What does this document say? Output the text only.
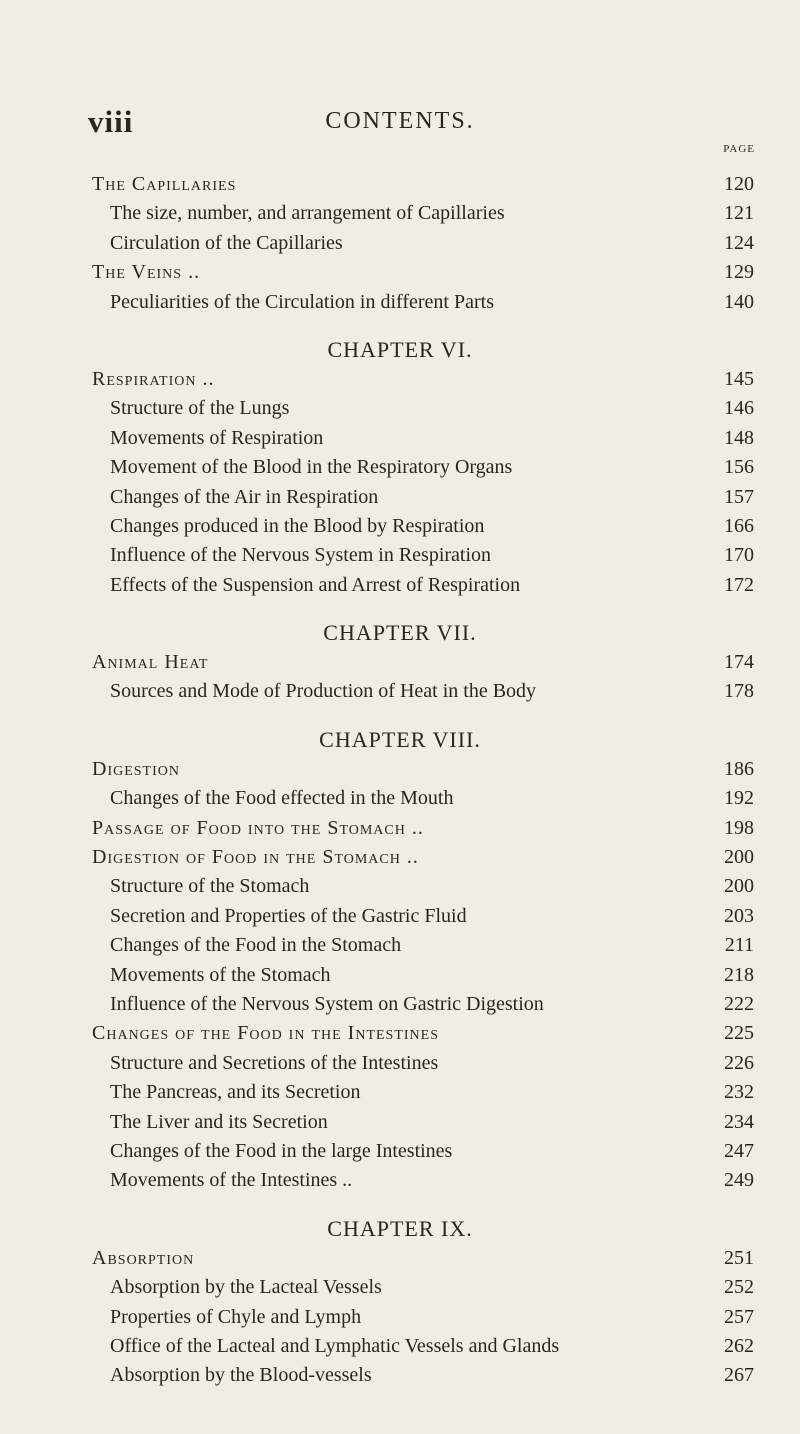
viii	CONTENTS.
PAGE
The Capillaries	120
The size, number, and arrangement of Capillaries	121
Circulation of the Capillaries	124
The Veins ..	129
Peculiarities of the Circulation in different Parts	140
CHAPTER VI.
Respiration ..	145
Structure of the Lungs	146
Movements of Respiration	148
Movement of the Blood in the Respiratory Organs	156
Changes of the Air in Respiration	157
Changes produced in the Blood by Respiration	166
Influence of the Nervous System in Respiration	170
Effects of the Suspension and Arrest of Respiration	172
CHAPTER VII.
Animal Heat	174
Sources and Mode of Production of Heat in the Body	178
CHAPTER VIII.
Digestion	186
Changes of the Food effected in the Mouth	192
Passage of Food into the Stomach ..	198
Digestion of Food in the Stomach ..	200
Structure of the Stomach	200
Secretion and Properties of the Gastric Fluid	203
Changes of the Food in the Stomach	211
Movements of the Stomach	218
Influence of the Nervous System on Gastric Digestion	222
Changes of the Food in the Intestines	225
Structure and Secretions of the Intestines	226
The Pancreas, and its Secretion	232
The Liver and its Secretion	234
Changes of the Food in the large Intestines	247
Movements of the Intestines ..	249
CHAPTER IX.
Absorption	251
Absorption by the Lacteal Vessels	252
Properties of Chyle and Lymph	257
Office of the Lacteal and Lymphatic Vessels and Glands	262
Absorption by the Blood-vessels	267
